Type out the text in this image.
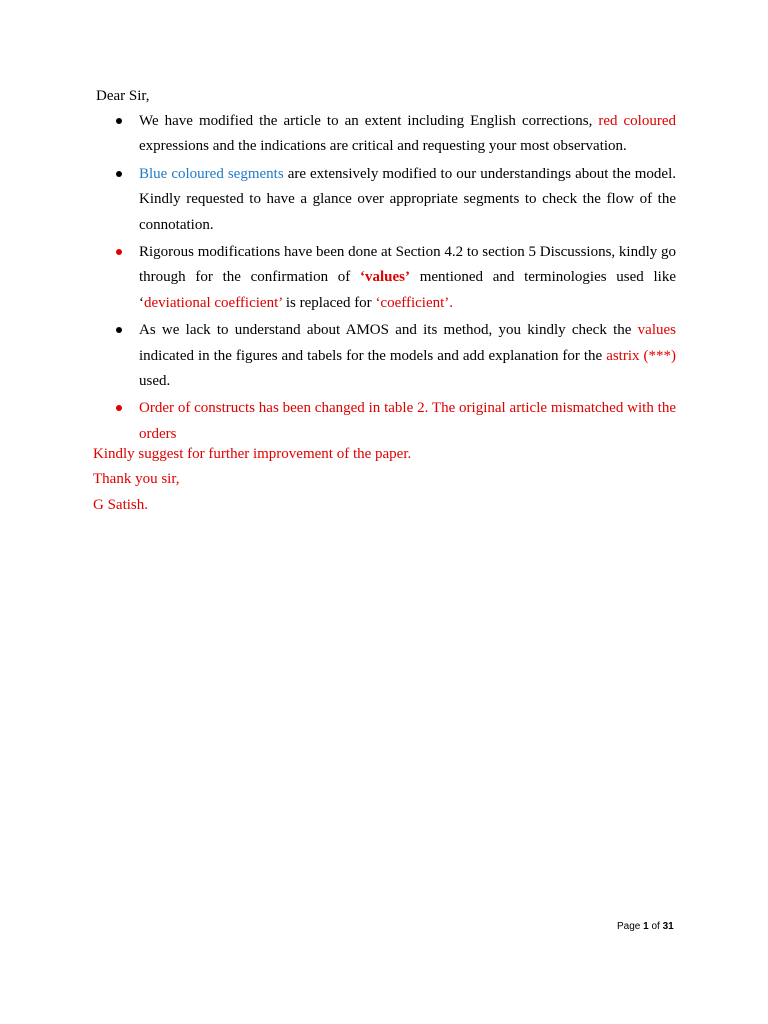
Dear Sir,

We have modified the article to an extent including English corrections, red coloured expressions and the indications are critical and requesting your most observation.

Blue coloured segments are extensively modified to our understandings about the model. Kindly requested to have a glance over appropriate segments to check the flow of the connotation.

Rigorous modifications have been done at Section 4.2 to section 5 Discussions, kindly go through for the confirmation of ‘values’ mentioned and terminologies used like ‘deviational coefficient’ is replaced for ‘coefficient’.

As we lack to understand about AMOS and its method, you kindly check the values indicated in the figures and tabels for the models and add explanation for the astrix (***) used.

Order of constructs has been changed in table 2. The original article mismatched with the orders

Kindly suggest for further improvement of the paper.

Thank you sir,

G Satish.

Page 1 of 31
